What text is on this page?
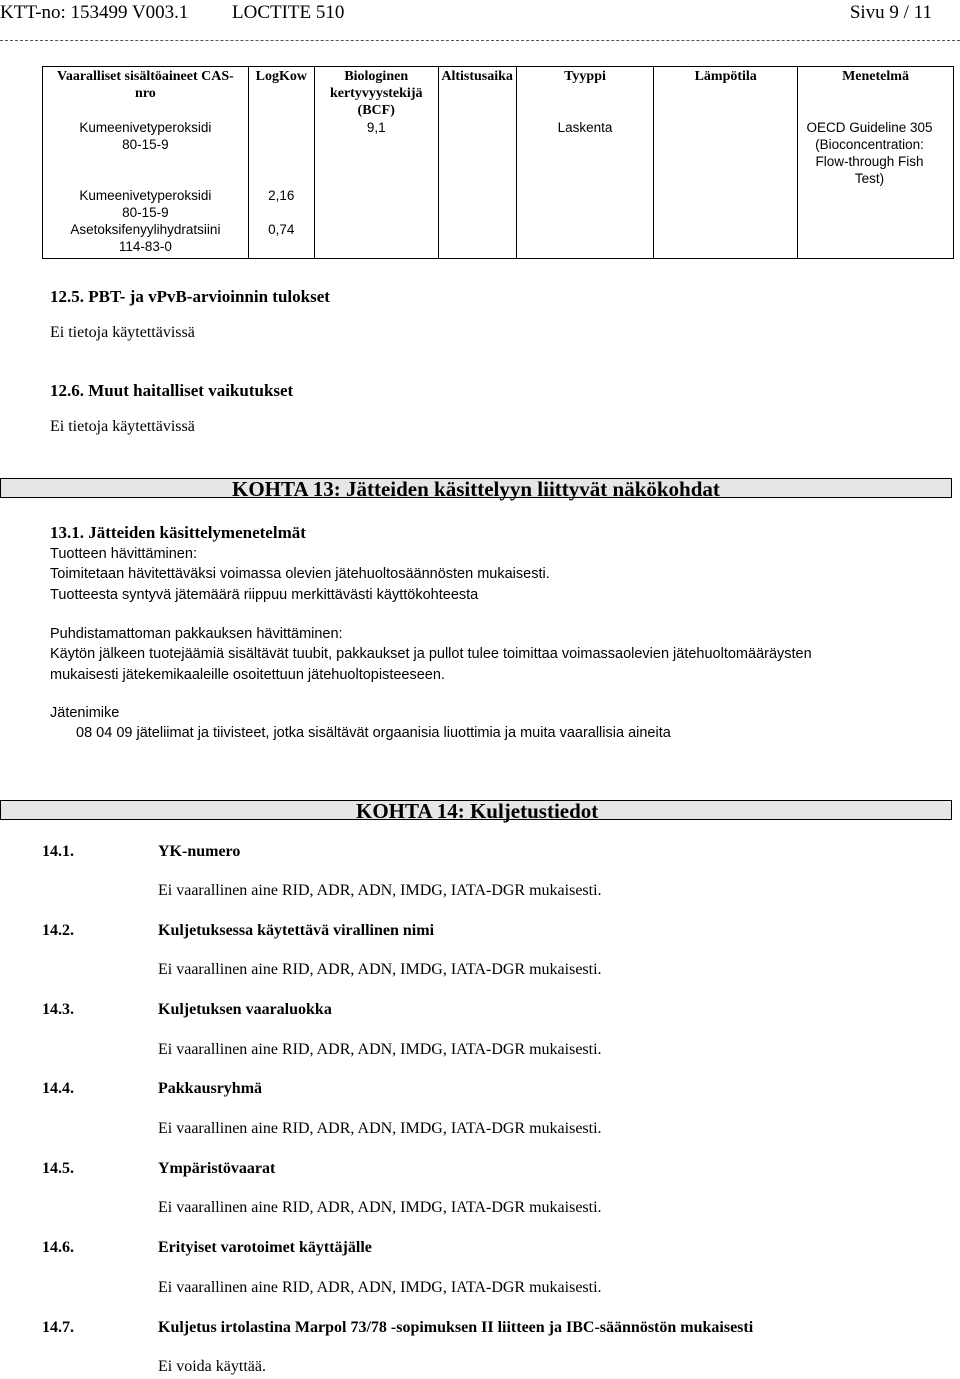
KTT-no: 153499 V003.1 LOCTITE 510	Sivu 9 / 11
Vaaralliset sisältöaineet CAS-nro	LogKow	Biologinen kertyvyystekijä (BCF)	Altistusaika	Tyyppi	Lämpötila	Menetelmä

Kumeenivetyperoksidi
80-15-9		9,1		Laskenta		OECD Guideline 305 (Bioconcentration: Flow-through Fish Test)

Kumeenivetyperoksidi
80-15-9	2,16					

Asetoksifenyylihydratsiini
114-83-0	0,74					
12.5. PBT- ja vPvB-arvioinnin tulokset
Ei tietoja käytettävissä
12.6. Muut haitalliset vaikutukset
Ei tietoja käytettävissä
KOHTA 13: Jätteiden käsittelyyn liittyvät näkökohdat
13.1. Jätteiden käsittelymenetelmät
Tuotteen hävittäminen:
Toimitetaan hävitettäväksi voimassa olevien jätehuoltosäännösten mukaisesti.
Tuotteesta syntyvä jätemäärä riippuu merkittävästi käyttökohteesta
Puhdistamattoman pakkauksen hävittäminen:
Käytön jälkeen tuotejäämiä sisältävät tuubit, pakkaukset ja pullot tulee toimittaa voimassaolevien jätehuoltomääräysten
mukaisesti jätekemikaaleille osoitettuun jätehuoltopisteeseen.
Jätenimike
08 04 09 jäteliimat ja tiivisteet, jotka sisältävät orgaanisia liuottimia ja muita vaarallisia aineita
KOHTA 14: Kuljetustiedot
14.1.	YK-numero
Ei vaarallinen aine RID, ADR, ADN, IMDG, IATA-DGR mukaisesti.
14.2.	Kuljetuksessa käytettävä virallinen nimi
Ei vaarallinen aine RID, ADR, ADN, IMDG, IATA-DGR mukaisesti.
14.3.	Kuljetuksen vaaraluokka
Ei vaarallinen aine RID, ADR, ADN, IMDG, IATA-DGR mukaisesti.
14.4.	Pakkausryhmä
Ei vaarallinen aine RID, ADR, ADN, IMDG, IATA-DGR mukaisesti.
14.5.	Ympäristövaarat
Ei vaarallinen aine RID, ADR, ADN, IMDG, IATA-DGR mukaisesti.
14.6.	Erityiset varotoimet käyttäjälle
Ei vaarallinen aine RID, ADR, ADN, IMDG, IATA-DGR mukaisesti.
14.7.	Kuljetus irtolastina Marpol 73/78 -sopimuksen II liitteen ja IBC-säännöstön mukaisesti
Ei voida käyttää.
